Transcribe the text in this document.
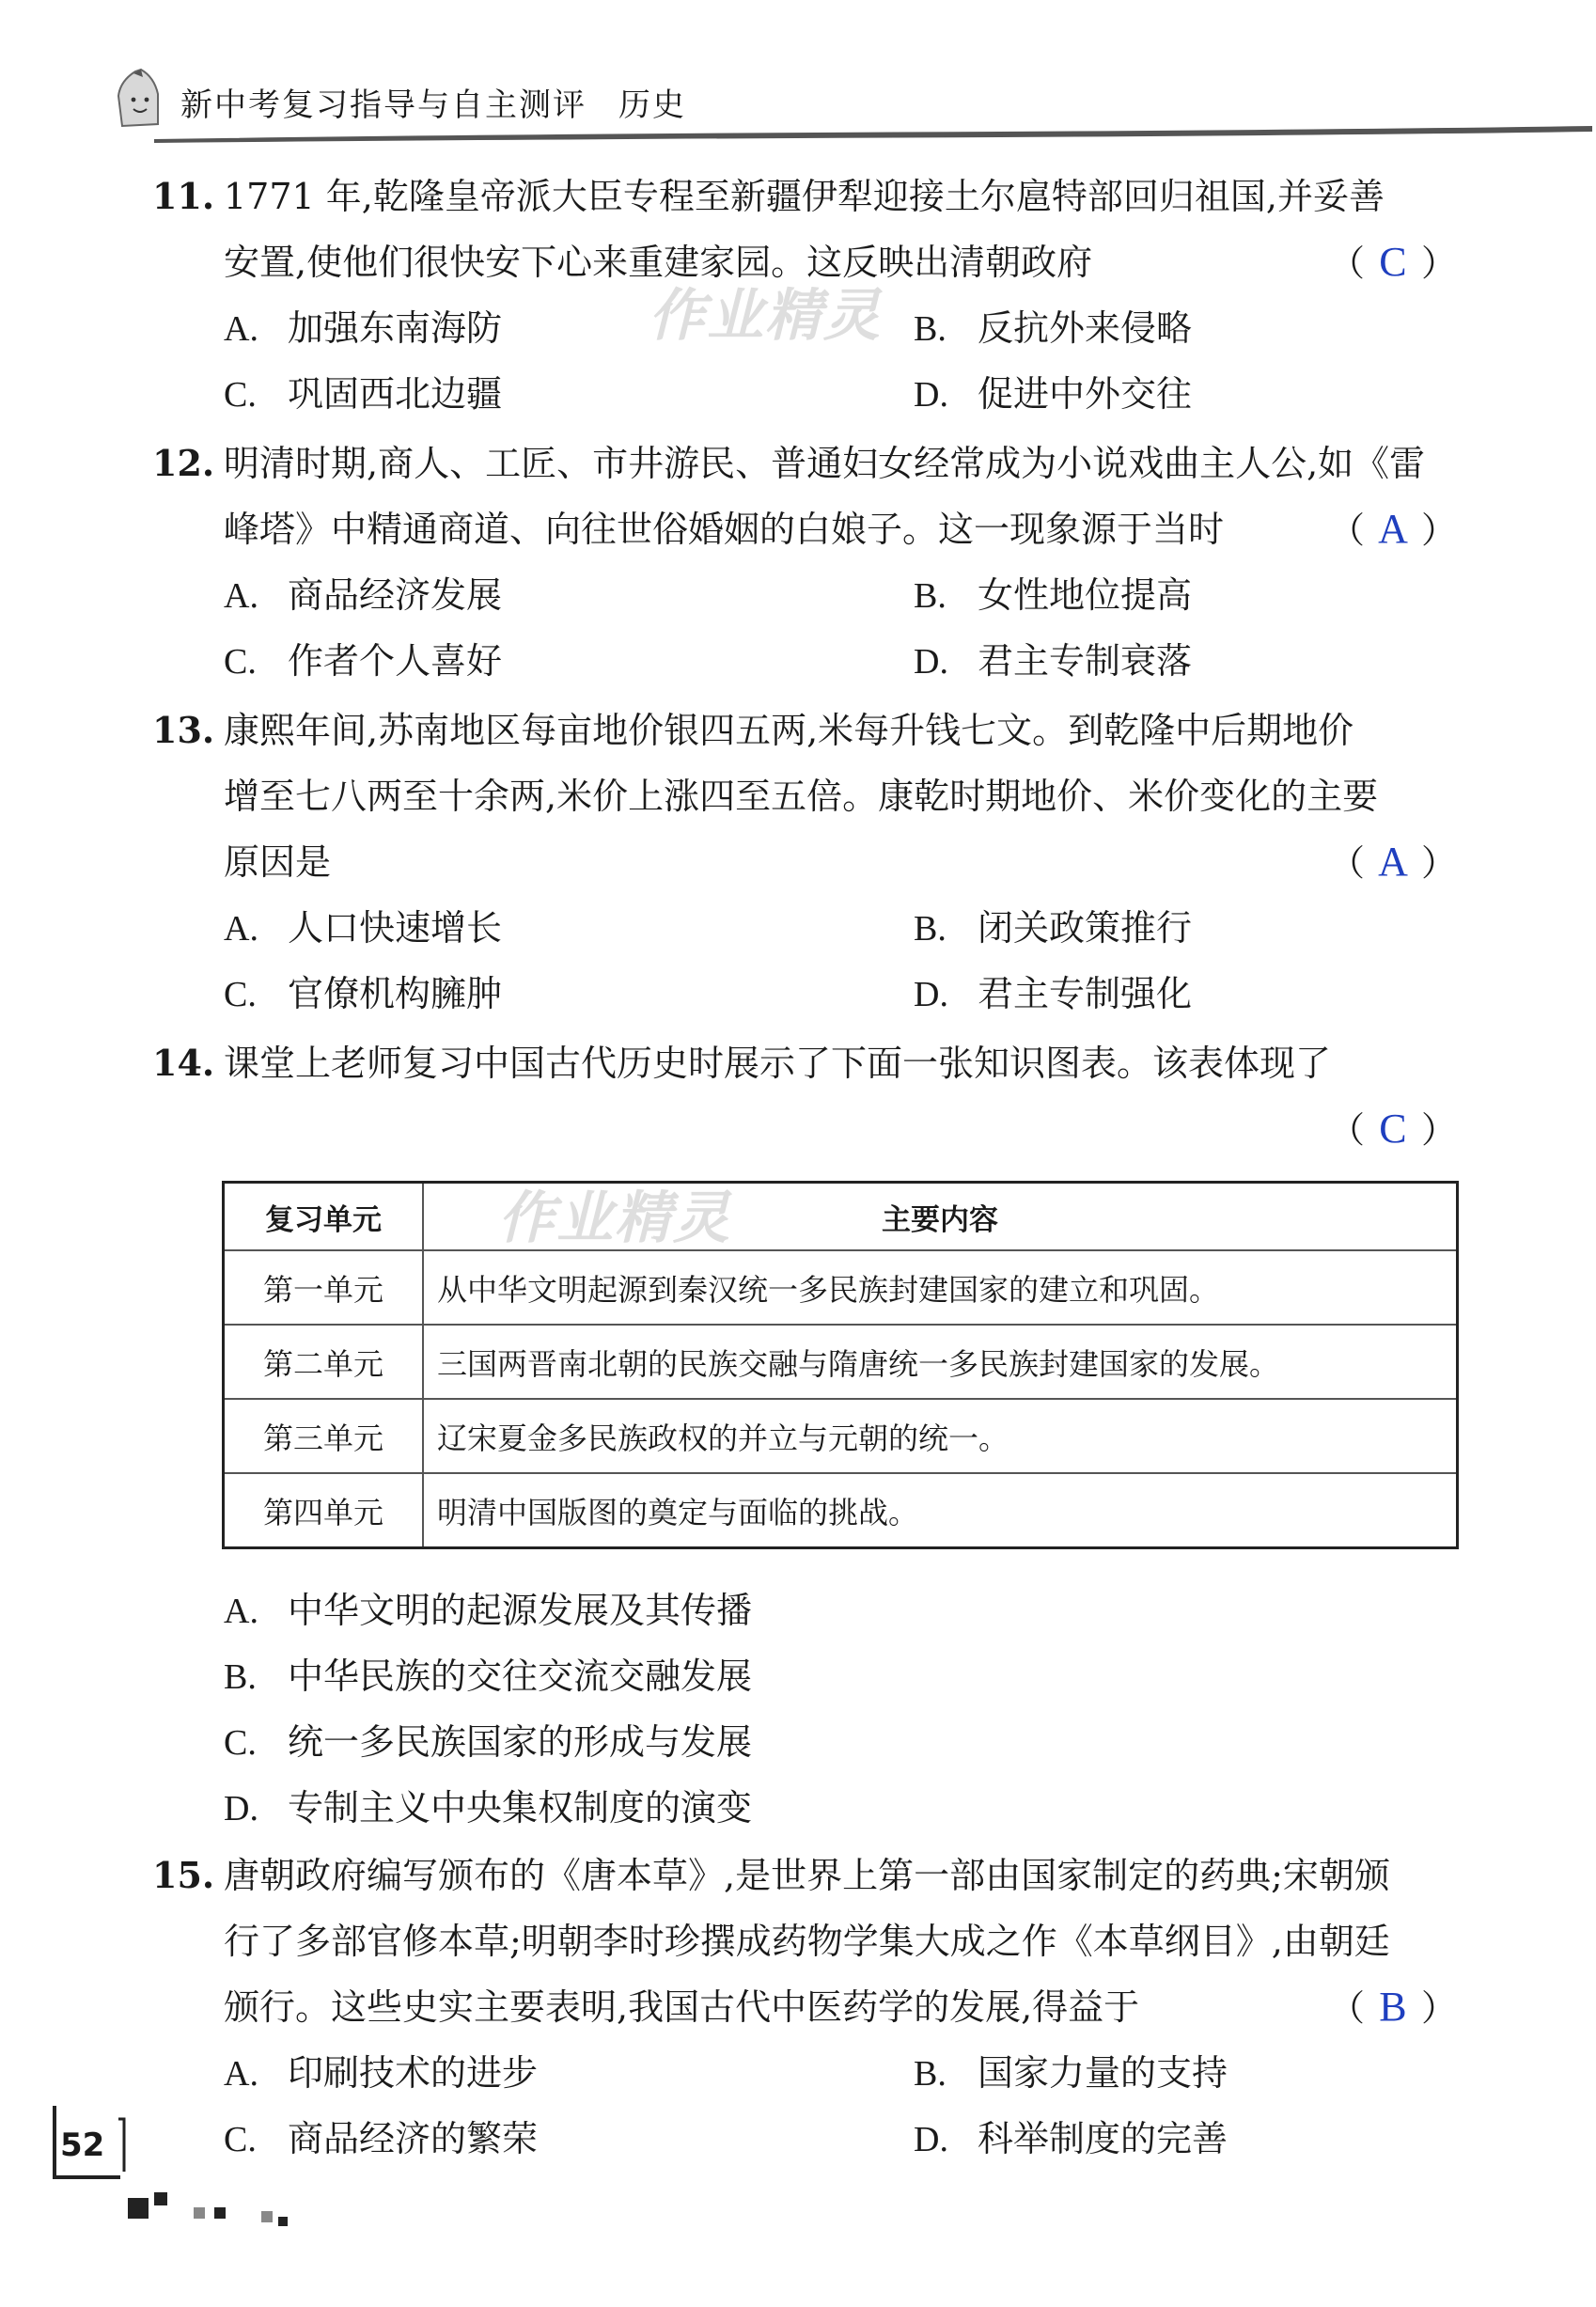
新中考复习指导与自主测评 历史
11. 1771 年,乾隆皇帝派大臣专程至新疆伊犁迎接土尔扈特部回归祖国,并妥善
安置,使他们很快安下心来重建家园。这反映出清朝政府	（ C ）
A. 加强东南海防	B. 反抗外来侵略
C. 巩固西北边疆	D. 促进中外交往
12. 明清时期,商人、工匠、市井游民、普通妇女经常成为小说戏曲主人公,如《雷
峰塔》中精通商道、向往世俗婚姻的白娘子。这一现象源于当时	（ A ）
A. 商品经济发展	B. 女性地位提高
C. 作者个人喜好	D. 君主专制衰落
13. 康熙年间,苏南地区每亩地价银四五两,米每升钱七文。到乾隆中后期地价
增至七八两至十余两,米价上涨四至五倍。康乾时期地价、米价变化的主要
原因是	（ A ）
A. 人口快速增长	B. 闭关政策推行
C. 官僚机构臃肿	D. 君主专制强化
14. 课堂上老师复习中国古代历史时展示了下面一张知识图表。该表体现了
（ C ）
复习单元	主要内容
第一单元	从中华文明起源到秦汉统一多民族封建国家的建立和巩固。
第二单元	三国两晋南北朝的民族交融与隋唐统一多民族封建国家的发展。
第三单元	辽宋夏金多民族政权的并立与元朝的统一。
第四单元	明清中国版图的奠定与面临的挑战。
A. 中华文明的起源发展及其传播
B. 中华民族的交往交流交融发展
C. 统一多民族国家的形成与发展
D. 专制主义中央集权制度的演变
15. 唐朝政府编写颁布的《唐本草》,是世界上第一部由国家制定的药典;宋朝颁
行了多部官修本草;明朝李时珍撰成药物学集大成之作《本草纲目》,由朝廷
颁行。这些史实主要表明,我国古代中医药学的发展,得益于	（ B ）
A. 印刷技术的进步	B. 国家力量的支持
C. 商品经济的繁荣	D. 科举制度的完善
作业精灵
作业精灵
52
